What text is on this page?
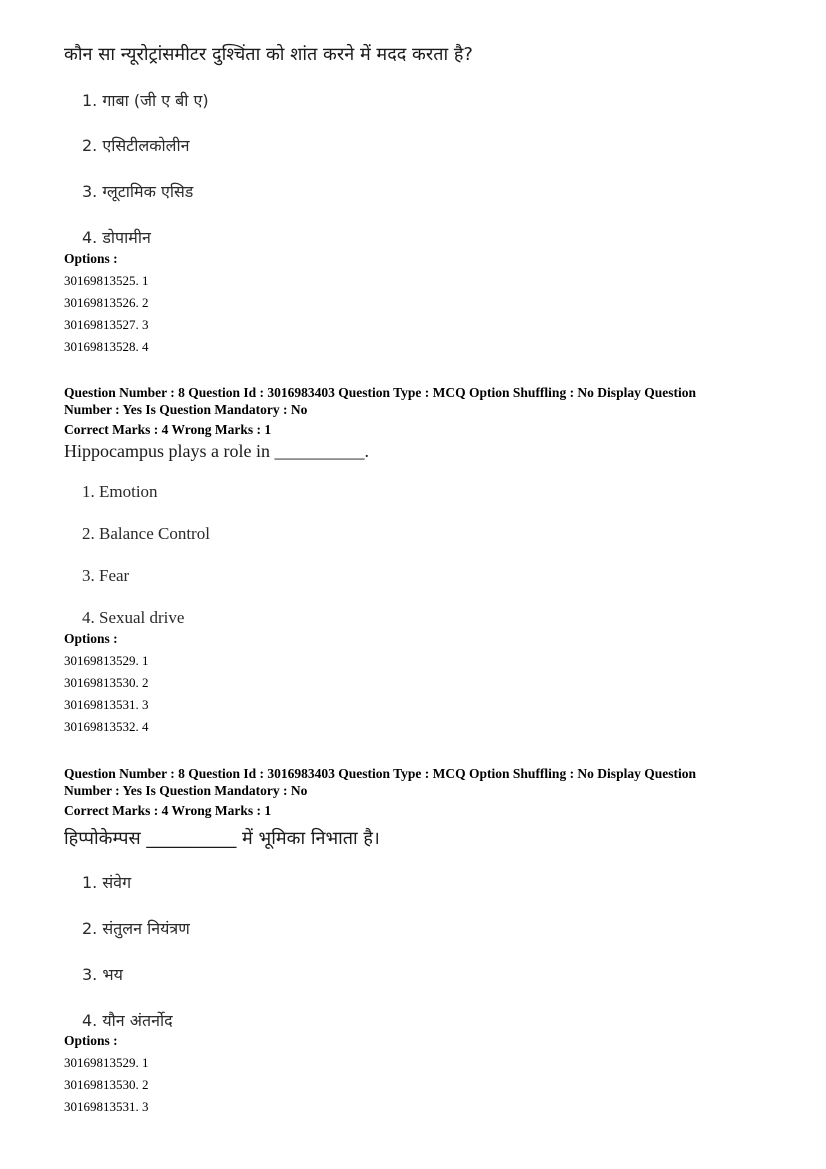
कौन सा न्यूरोट्रांसमीटर दुश्चिंता को शांत करने में मदद करता है?
1. गाबा (जी ए बी ए)
2. एसिटीलकोलीन
3. ग्लूटामिक एसिड
4. डोपामीन
Options :
30169813525. 1
30169813526. 2
30169813527. 3
30169813528. 4
Question Number : 8 Question Id : 3016983403 Question Type : MCQ Option Shuffling : No Display Question
Number : Yes Is Question Mandatory : No
Correct Marks : 4 Wrong Marks : 1
Hippocampus plays a role in __________.
1. Emotion
2. Balance Control
3. Fear
4. Sexual drive
Options :
30169813529. 1
30169813530. 2
30169813531. 3
30169813532. 4
Question Number : 8 Question Id : 3016983403 Question Type : MCQ Option Shuffling : No Display Question
Number : Yes Is Question Mandatory : No
Correct Marks : 4 Wrong Marks : 1
हिप्पोकेम्पस __________ में भूमिका निभाता है।
1. संवेग
2. संतुलन नियंत्रण
3. भय
4. यौन अंतर्नोद
Options :
30169813529. 1
30169813530. 2
30169813531. 3
